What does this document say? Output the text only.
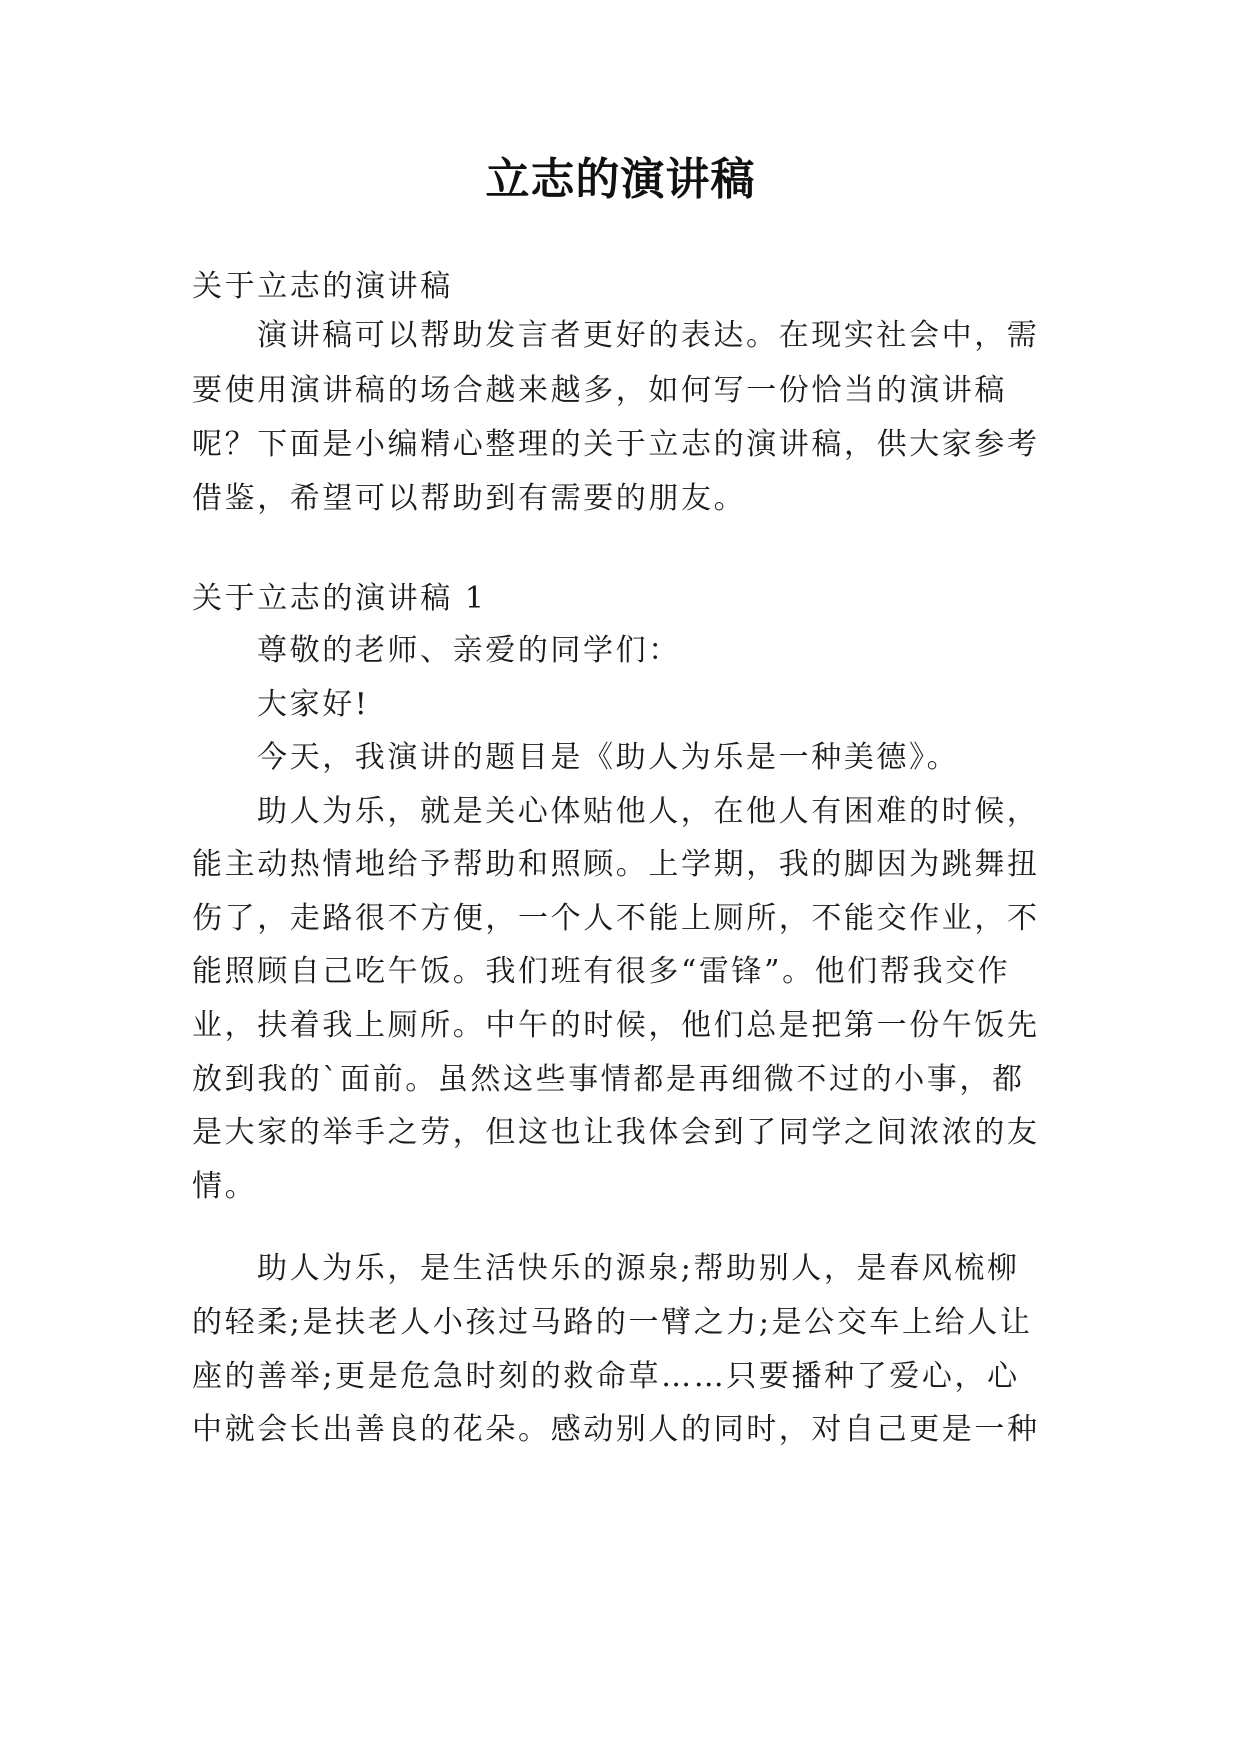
立志的演讲稿
关于立志的演讲稿
演讲稿可以帮助发言者更好的表达。在现实社会中，需
要使用演讲稿的场合越来越多，如何写一份恰当的演讲稿
呢？下面是小编精心整理的关于立志的演讲稿，供大家参考
借鉴，希望可以帮助到有需要的朋友。
关于立志的演讲稿 1
尊敬的老师、亲爱的同学们：
大家好!
今天，我演讲的题目是《助人为乐是一种美德》。
助人为乐，就是关心体贴他人，在他人有困难的时候，
能主动热情地给予帮助和照顾。上学期，我的脚因为跳舞扭
伤了，走路很不方便，一个人不能上厕所，不能交作业，不
能照顾自己吃午饭。我们班有很多“雷锋”。他们帮我交作
业，扶着我上厕所。中午的时候，他们总是把第一份午饭先
放到我的`面前。虽然这些事情都是再细微不过的小事，都
是大家的举手之劳，但这也让我体会到了同学之间浓浓的友
情。
助人为乐，是生活快乐的源泉;帮助别人，是春风梳柳
的轻柔;是扶老人小孩过马路的一臂之力;是公交车上给人让
座的善举;更是危急时刻的救命草……只要播种了爱心，心
中就会长出善良的花朵。感动别人的同时，对自己更是一种
